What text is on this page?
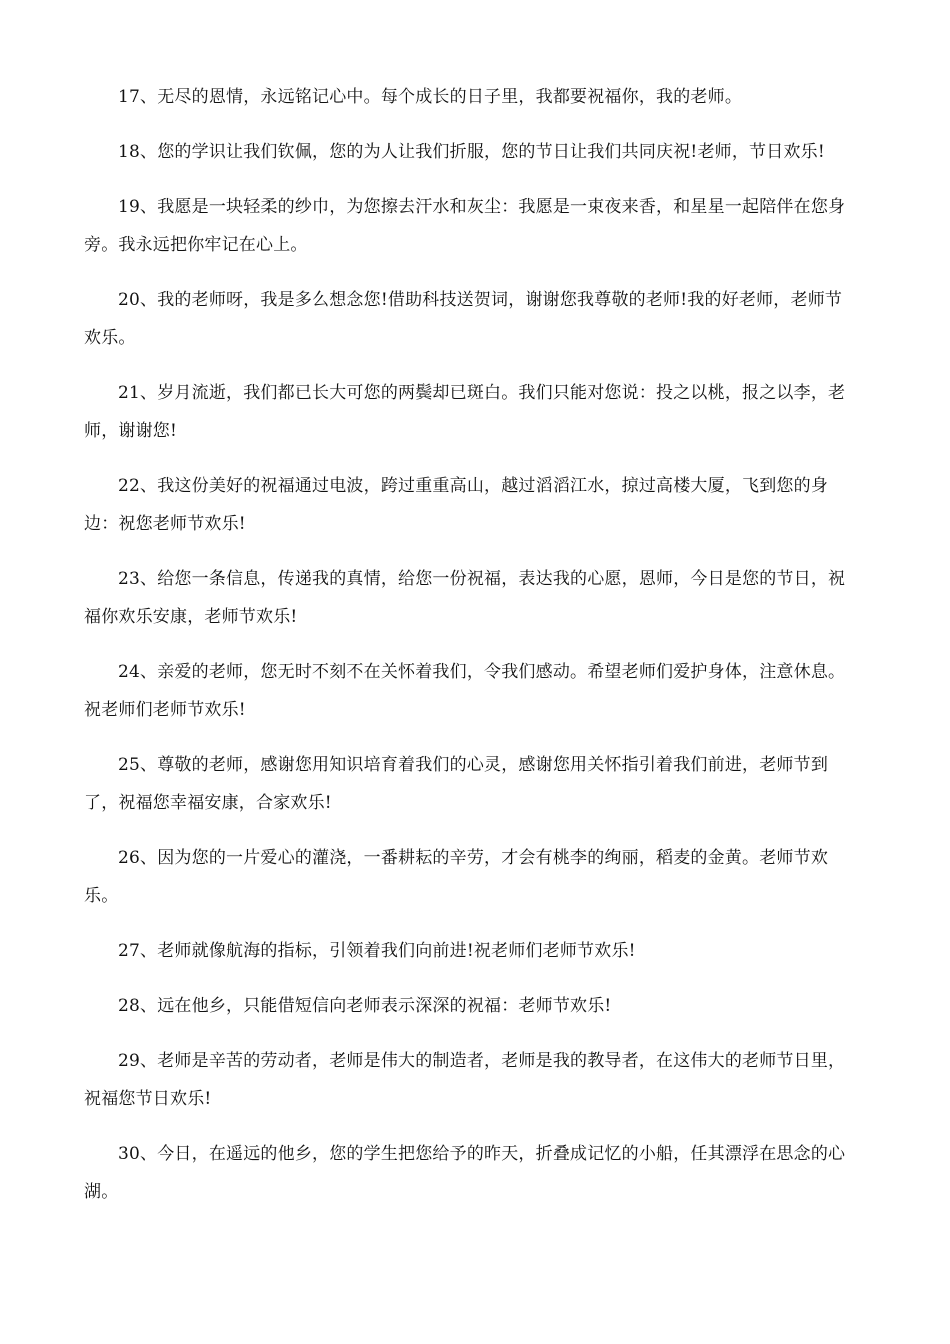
17、无尽的恩情，永远铭记心中。每个成长的日子里，我都要祝福你，我的老师。

18、您的学识让我们钦佩，您的为人让我们折服，您的节日让我们共同庆祝!老师，节日欢乐!

19、我愿是一块轻柔的纱巾，为您擦去汗水和灰尘：我愿是一束夜来香，和星星一起陪伴在您身旁。我永远把你牢记在心上。

20、我的老师呀，我是多么想念您!借助科技送贺词，谢谢您我尊敬的老师!我的好老师，老师节欢乐。

21、岁月流逝，我们都已长大可您的两鬓却已斑白。我们只能对您说：投之以桃，报之以李，老师，谢谢您!

22、我这份美好的祝福通过电波，跨过重重高山，越过滔滔江水，掠过高楼大厦，飞到您的身边：祝您老师节欢乐!

23、给您一条信息，传递我的真情，给您一份祝福，表达我的心愿，恩师，今日是您的节日，祝福你欢乐安康，老师节欢乐!

24、亲爱的老师，您无时不刻不在关怀着我们，令我们感动。希望老师们爱护身体，注意休息。祝老师们老师节欢乐!

25、尊敬的老师，感谢您用知识培育着我们的心灵，感谢您用关怀指引着我们前进，老师节到了，祝福您幸福安康，合家欢乐!

26、因为您的一片爱心的灌浇，一番耕耘的辛劳，才会有桃李的绚丽，稻麦的金黄。老师节欢乐。

27、老师就像航海的指标，引领着我们向前进!祝老师们老师节欢乐!

28、远在他乡，只能借短信向老师表示深深的祝福：老师节欢乐!

29、老师是辛苦的劳动者，老师是伟大的制造者，老师是我的教导者，在这伟大的老师节日里，祝福您节日欢乐!

30、今日，在遥远的他乡，您的学生把您给予的昨天，折叠成记忆的小船，任其漂浮在思念的心湖。
